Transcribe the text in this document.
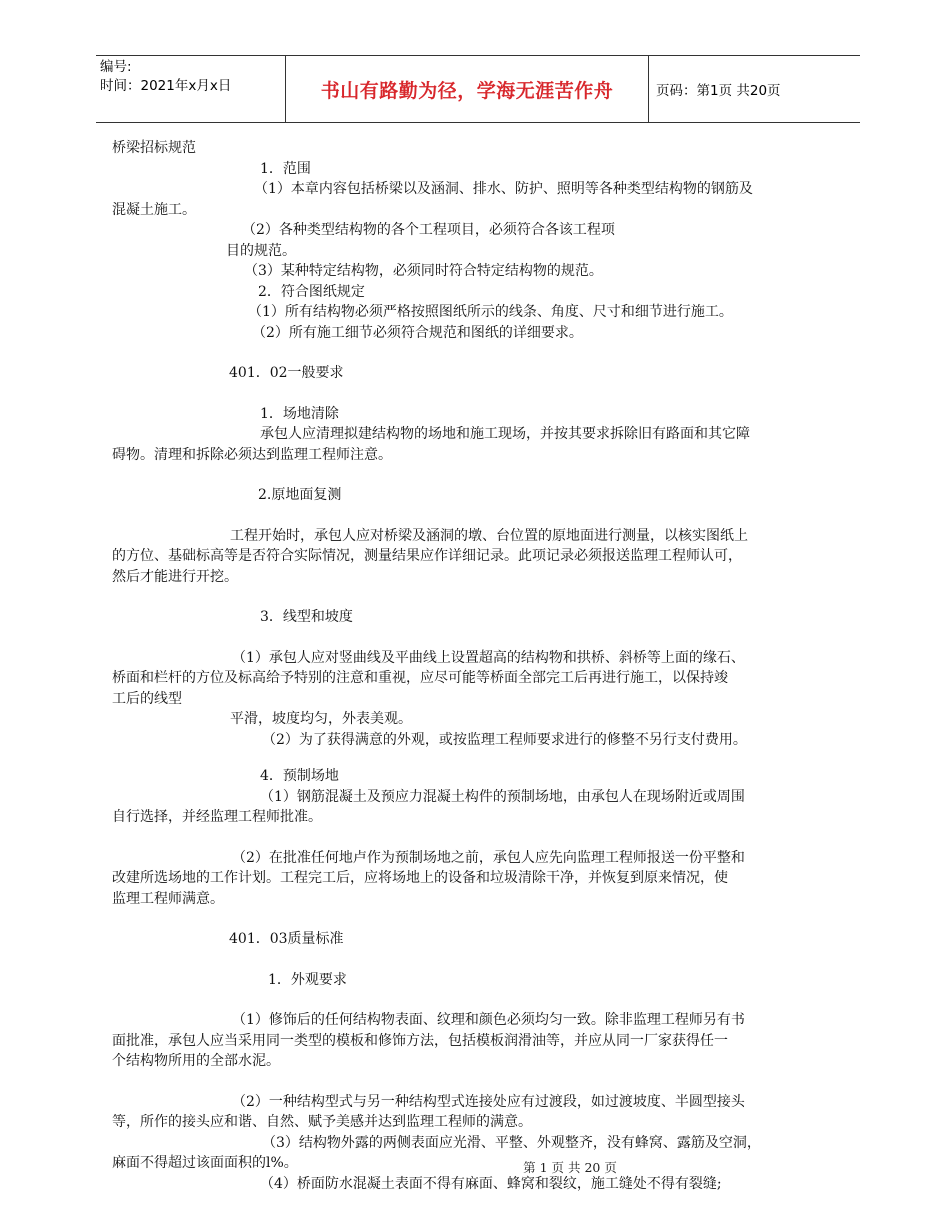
编号:
时间：2021年x月x日	书山有路勤为径，学海无涯苦作舟	页码：第1页 共20页

桥梁招标规范

1．范围

（1）本章内容包括桥梁以及涵洞、排水、防护、照明等各种类型结构物的钢筋及

混凝土施工。

（2）各种类型结构物的各个工程项目，必须符合各该工程项

目的规范。

（3）某种特定结构物，必须同时符合特定结构物的规范。

2．符合图纸规定

（1）所有结构物必须严格按照图纸所示的线条、角度、尺寸和细节进行施工。

（2）所有施工细节必须符合规范和图纸的详细要求。

401．02一般要求

1．场地清除

承包人应清理拟建结构物的场地和施工现场，并按其要求拆除旧有路面和其它障

碍物。清理和拆除必须达到监理工程师注意。

2.原地面复测

工程开始时，承包人应对桥梁及涵洞的墩、台位置的原地面进行测量，以核实图纸上

的方位、基础标高等是否符合实际情况，测量结果应作详细记录。此项记录必须报送监理工程师认可，

然后才能进行开挖。

3．线型和坡度

（1）承包人应对竖曲线及平曲线上设置超高的结构物和拱桥、斜桥等上面的缘石、

桥面和栏杆的方位及标高给予特别的注意和重视，应尽可能等桥面全部完工后再进行施工，以保持竣

工后的线型

平滑，坡度均匀，外表美观。

（2）为了获得满意的外观，或按监理工程师要求进行的修整不另行支付费用。

4．预制场地

（1）钢筋混凝土及预应力混凝土构件的预制场地，由承包人在现场附近或周围

自行选择，并经监理工程师批准。

（2）在批准任何地卢作为预制场地之前，承包人应先向监理工程师报送一份平整和

改建所选场地的工作计划。工程完工后，应将场地上的设备和垃圾清除干净，并恢复到原来情况，使

监理工程师满意。

401．03质量标准

1．外观要求

（1）修饰后的任何结构物表面、纹理和颜色必须均匀一致。除非监理工程师另有书

面批准，承包人应当采用同一类型的模板和修饰方法，包括模板润滑油等，并应从同一厂家获得任一

个结构物所用的全部水泥。

（2）一种结构型式与另一种结构型式连接处应有过渡段，如过渡坡度、半圆型接头

等，所作的接头应和谐、自然、赋予美感并达到监理工程师的满意。

（3）结构物外露的两侧表面应光滑、平整、外观整齐，没有蜂窝、露筋及空洞，

麻面不得超过该面面积的l%。

（4）桥面防水混凝土表面不得有麻面、蜂窝和裂纹，施工缝处不得有裂缝;

第 1 页 共 20 页
